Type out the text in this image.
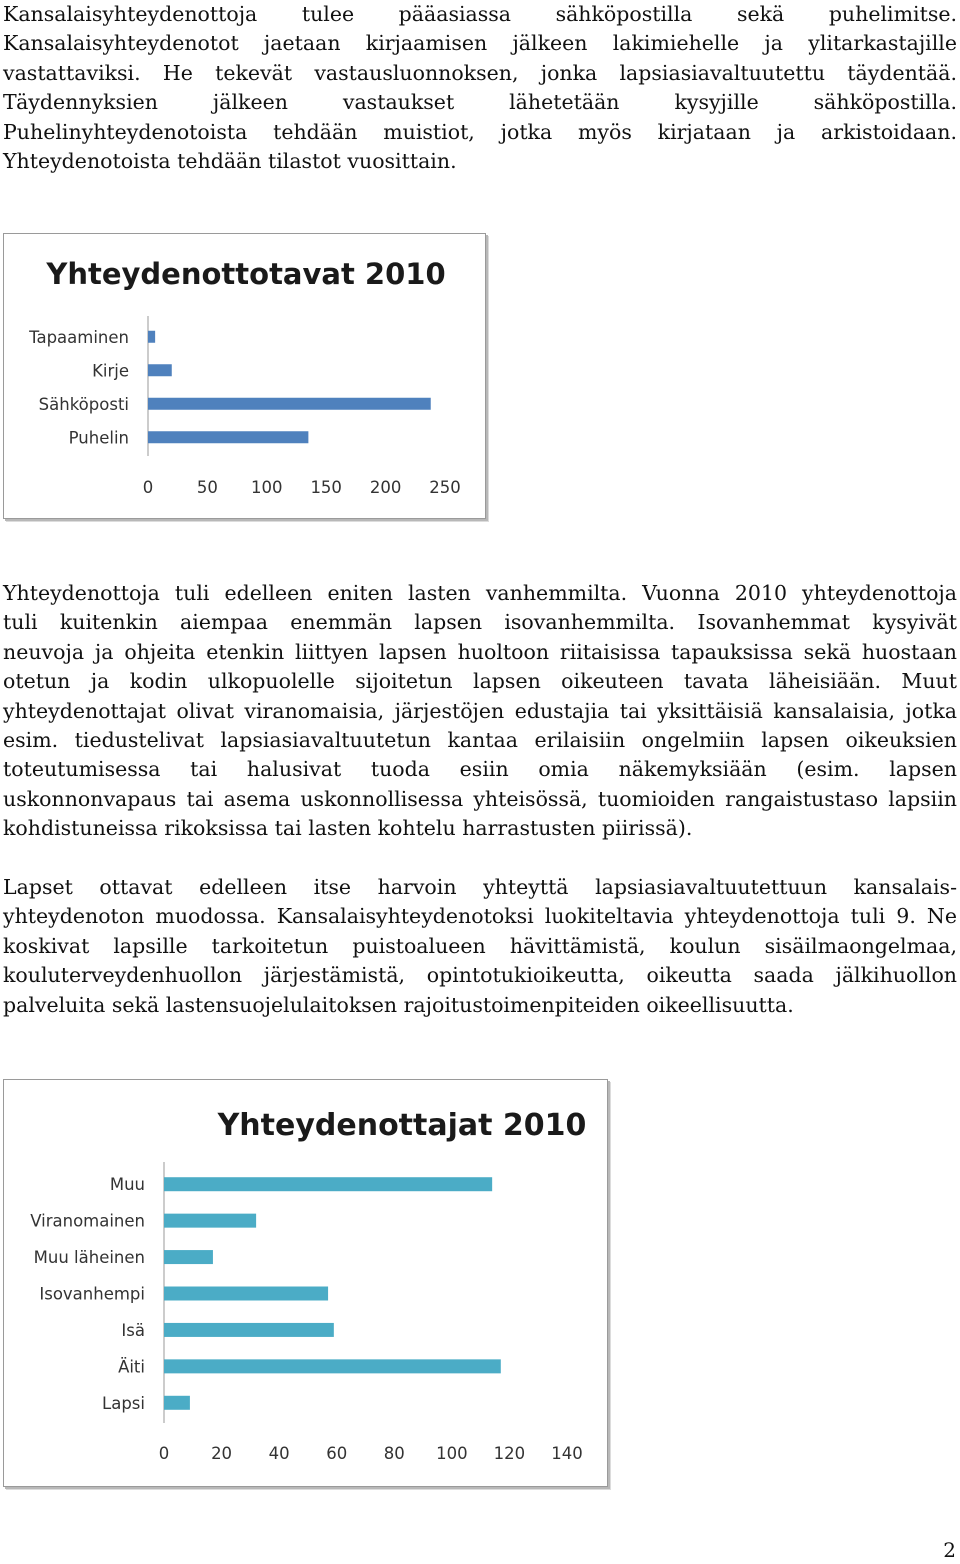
Kansalaisyhteydenottoja tulee pääasiassa sähköpostilla sekä puhelimitse.
Kansalaisyhteydenotot jaetaan kirjaamisen jälkeen lakimiehelle ja ylitarkastajille
vastattaviksi. He tekevät vastausluonnoksen, jonka lapsiasiavaltuutettu täydentää.
Täydennyksien jälkeen vastaukset lähetetään kysyjille sähköpostilla.
Puhelinyhteydenotoista tehdään muistiot, jotka myös kirjataan ja arkistoidaan.
Yhteydenotoista tehdään tilastot vuosittain.
Yhteydenottotavat 2010
Tapaaminen
Kirje
Sähköposti
Puhelin
0	50 100 150 200 250
Yhteydenottoja tuli edelleen eniten lasten vanhemmilta. Vuonna 2010 yhteydenottoja
tuli kuitenkin aiempaa enemmän lapsen isovanhemmilta. Isovanhemmat kysyivät
neuvoja ja ohjeita etenkin liittyen lapsen huoltoon riitaisissa tapauksissa sekä huostaan
otetun ja kodin ulkopuolelle sijoitetun lapsen oikeuteen tavata läheisiään. Muut
yhteydenottajat olivat viranomaisia, järjestöjen edustajia tai yksittäisiä kansalaisia, jotka
esim. tiedustelivat lapsiasiavaltuutetun kantaa erilaisiin ongelmiin lapsen oikeuksien
toteutumisessa tai halusivat tuoda esiin omia näkemyksiään (esim. lapsen
uskonnonvapaus tai asema uskonnollisessa yhteisössä, tuomioiden rangaistustaso lapsiin
kohdistuneissa rikoksissa tai lasten kohtelu harrastusten piirissä).
Lapset ottavat edelleen itse harvoin yhteyttä lapsiasiavaltuutettuun kansalais-
yhteydenoton muodossa. Kansalaisyhteydenotoksi luokiteltavia yhteydenottoja tuli 9. Ne
koskivat lapsille tarkoitetun puistoalueen hävittämistä, koulun sisäilmaongelmaa,
kouluterveydenhuollon järjestämistä, opintotukioikeutta, oikeutta saada jälkihuollon
palveluita sekä lastensuojelulaitoksen rajoitustoimenpiteiden oikeellisuutta.
Yhteydenottajat 2010
Muu
Viranomainen
Muu läheinen
Isovanhempi
Isä
Äiti
Lapsi
0	20 40 60 80 100 120 140
2
